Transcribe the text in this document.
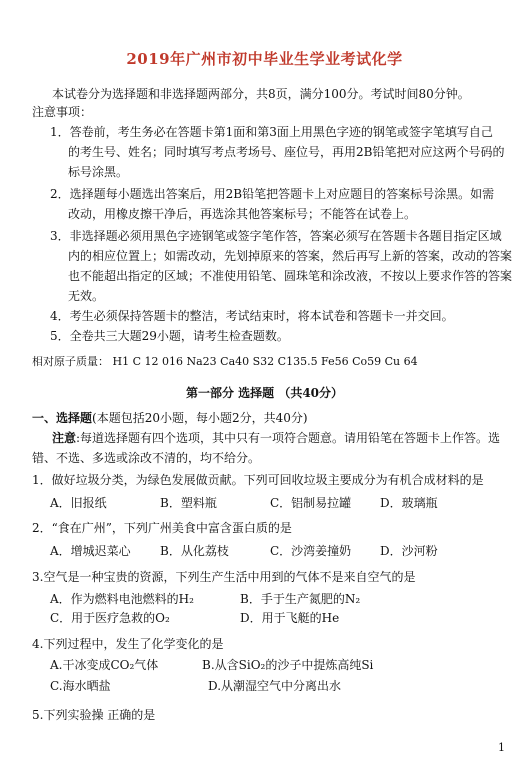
2019年广州市初中毕业生学业考试化学
本试卷分为选择题和非选择题两部分，共8页，满分100分。考试时间80分钟。
注意事项：
1．答卷前，考生务必在答题卡第1面和第3面上用黑色字迹的钢笔或签字笔填写自己
的考生号、姓名；同时填写考点考场号、座位号，再用2B铅笔把对应这两个号码的
标号涂黑。
2．选择题每小题选出答案后，用2B铅笔把答题卡上对应题目的答案标号涂黑。如需
改动，用橡皮擦干净后，再选涂其他答案标号；不能答在试卷上。
3．非选择题必须用黑色字迹钢笔或签字笔作答，答案必须写在答题卡各题目指定区域
内的相应位置上；如需改动，先划掉原来的答案，然后再写上新的答案，改动的答案
也不能超出指定的区域；不准使用铅笔、圆珠笔和涂改液，不按以上要求作答的答案
无效。
4．考生必须保持答题卡的整洁，考试结束时，将本试卷和答题卡一并交回。
5．全卷共三大题29小题，请考生检查题数。
相对原子质量： H1 C 12 016 Na23 Ca40 S32 C135.5 Fe56 Co59 Cu 64
第一部分 选择题 （共40分）
一、选择题(本题包括20小题，每小题2分，共40分)
注意:每道选择题有四个选项，其中只有一项符合题意。请用铅笔在答题卡上作答。选
错、不选、多选或涂改不清的，均不给分。
1．做好垃圾分类，为绿色发展做贡献。下列可回收垃圾主要成分为有机合成材料的是
A．旧报纸	B．塑料瓶	C．铝制易拉罐	D．玻璃瓶
2．“食在广州”，下列广州美食中富含蛋白质的是
A．增城迟菜心	B．从化荔枝	C．沙湾姜撞奶	D．沙河粉
3.空气是一种宝贵的资源，下列生产生活中用到的气体不是来自空气的是
A．作为燃料电池燃料的H₂	B．手于生产氮肥的N₂
C．用于医疗急救的O₂	D．用于飞艇的He
4.下列过程中，发生了化学变化的是
A.干冰变成CO₂气体	B.从含SiO₂的沙子中提炼高纯Si
C.海水晒盐	D.从潮湿空气中分离出水
5.下列实验操 正确的是
1
